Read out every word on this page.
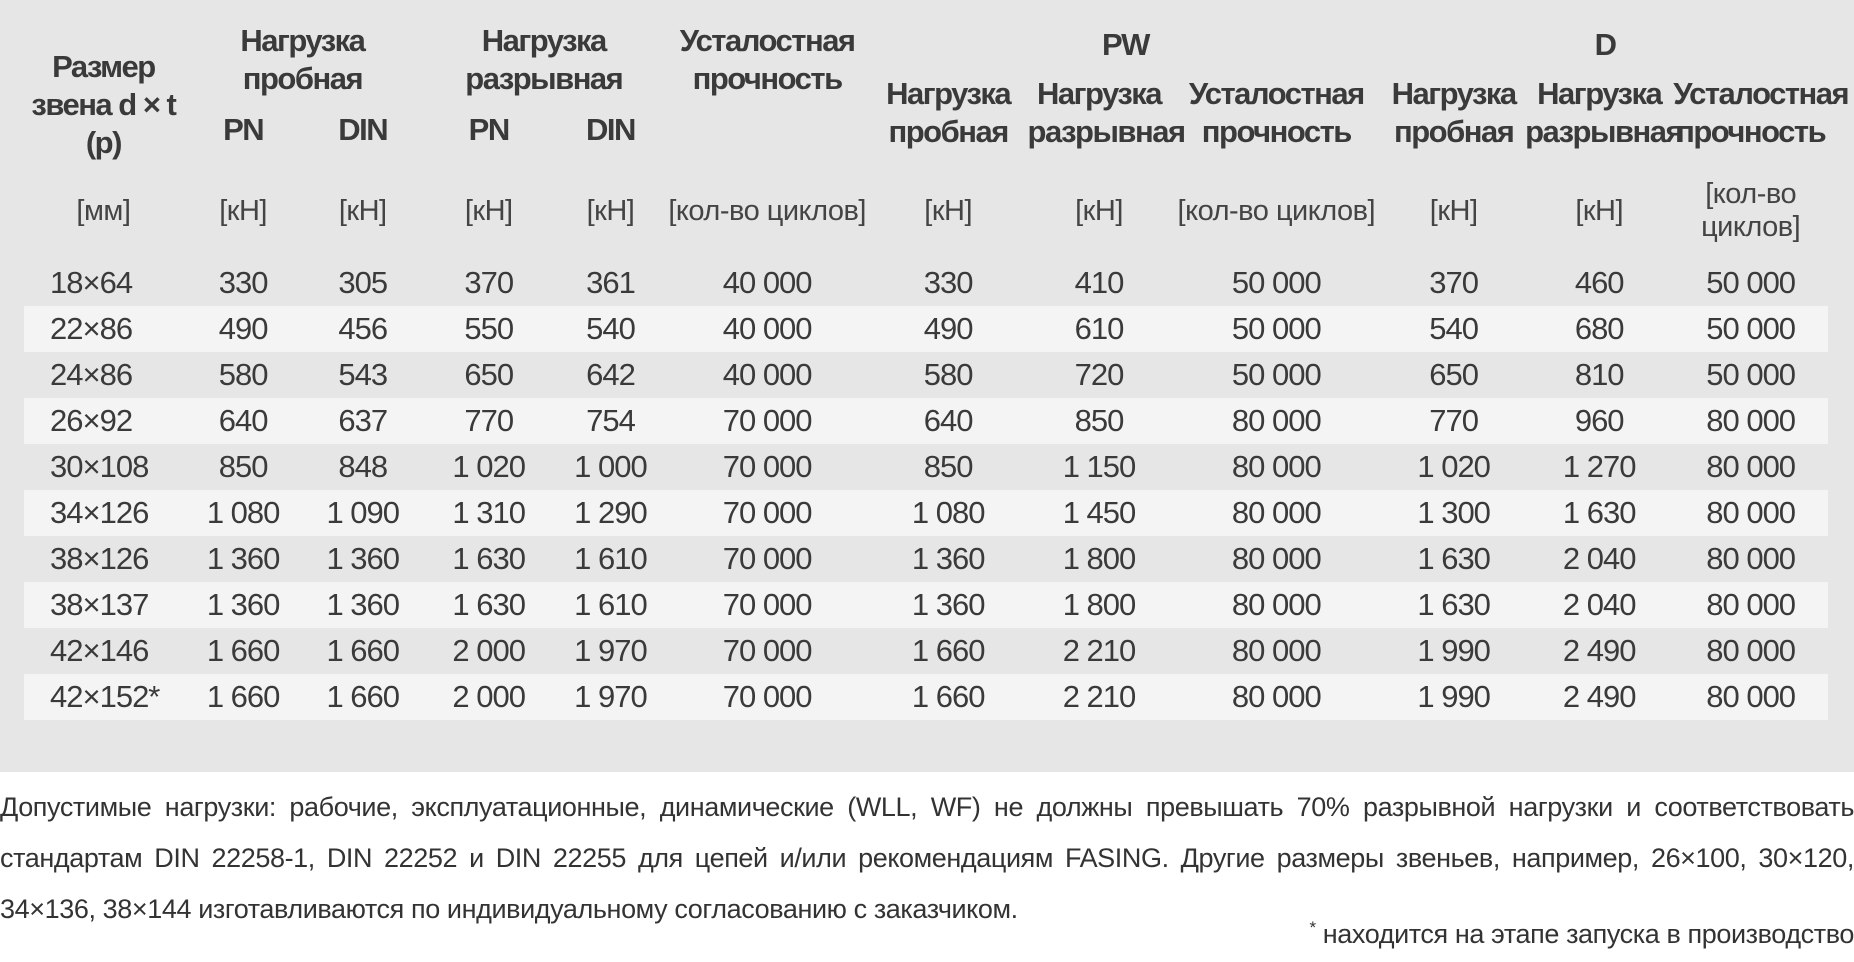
Размер звена d × t (p)	Нагрузка пробная		Нагрузка разрывная		Усталостная прочность	PW			D		
						Нагрузка пробная	Нагрузка разрывная	Усталостная прочность	Нагрузка пробная	Нагрузка разрывная	Усталостная прочность
	PN	DIN	PN	DIN							
[мм]	[кН]	[кН]	[кН]	[кН]	[кол-во циклов]	[кН]	[кН]	[кол-во циклов]	[кН]	[кН]	[кол-во циклов]
18×64	330	305	370	361	40 000	330	410	50 000	370	460	50 000
22×86	490	456	550	540	40 000	490	610	50 000	540	680	50 000
24×86	580	543	650	642	40 000	580	720	50 000	650	810	50 000
26×92	640	637	770	754	70 000	640	850	80 000	770	960	80 000
30×108	850	848	1 020	1 000	70 000	850	1 150	80 000	1 020	1 270	80 000
34×126	1 080	1 090	1 310	1 290	70 000	1 080	1 450	80 000	1 300	1 630	80 000
38×126	1 360	1 360	1 630	1 610	70 000	1 360	1 800	80 000	1 630	2 040	80 000
38×137	1 360	1 360	1 630	1 610	70 000	1 360	1 800	80 000	1 630	2 040	80 000
42×146	1 660	1 660	2 000	1 970	70 000	1 660	2 210	80 000	1 990	2 490	80 000
42×152*	1 660	1 660	2 000	1 970	70 000	1 660	2 210	80 000	1 990	2 490	80 000
Допустимые нагрузки: рабочие, эксплуатационные, динамические (WLL, WF) не должны превышать 70% разрывной нагрузки и соответствовать стандартам DIN 22258-1, DIN 22252 и DIN 22255 для цепей и/или рекомендациям FASING. Другие размеры звеньев, например, 26×100, 30×120, 34×136, 38×144 изготавливаются по индивидуальному согласованию с заказчиком.
* находится на этапе запуска в производство
